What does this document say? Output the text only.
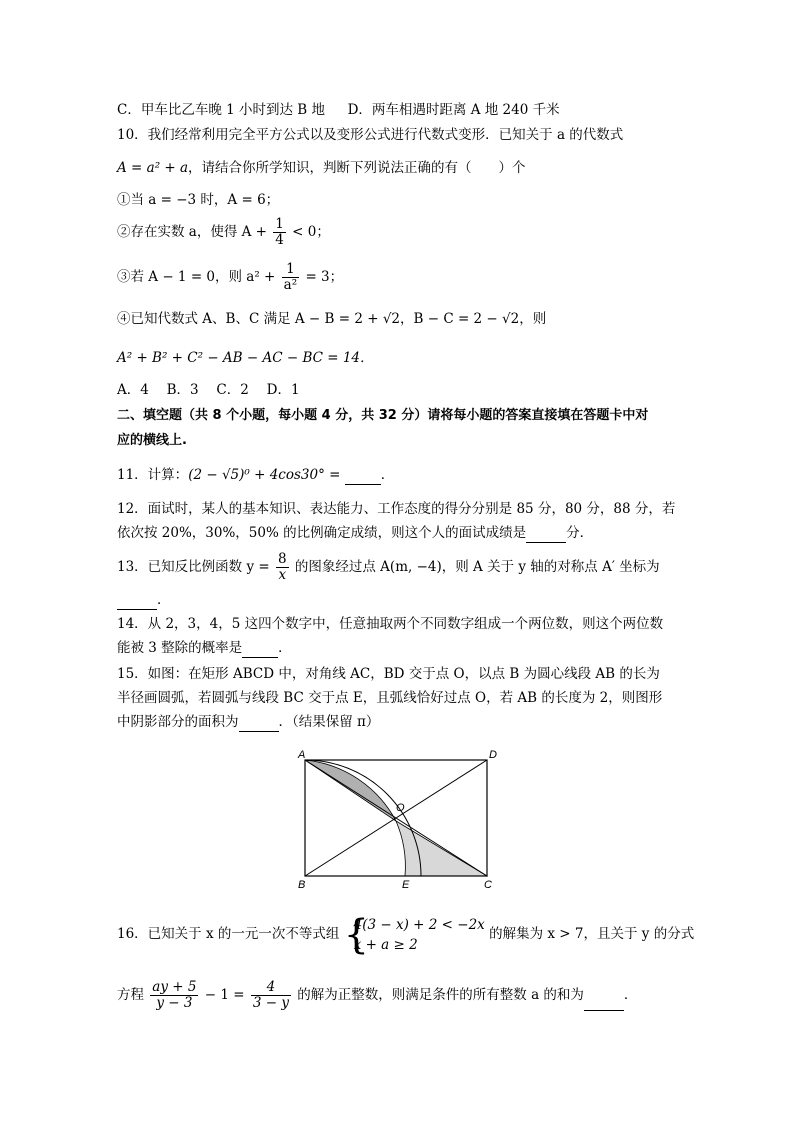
C．甲车比乙车晚 1 小时到达 B 地 D．两车相遇时距离 A 地 240 千米
10．我们经常利用完全平方公式以及变形公式进行代数式变形．已知关于 a 的代数式
A = a² + a，请结合你所学知识，判断下列说法正确的有（　　）个
①当 a = −3 时，A = 6；
②存在实数 a，使得 $A + \frac{1}{4} < 0$；
③若 A − 1 = 0，则 $a^2 + \frac{1}{\text{a²}} = 3$；
④已知代数式 A、B、C 满足 A − B = 2 + √2，B − C = 2 − √2，则
A² + B² + C² − AB − AC − BC = 14．
A．4　 B．3　 C．2　 D．1
二、填空题（共 8 个小题，每小题 4 分，共 32 分）请将每小题的答案直接填在答题卡中对
应的横线上.
11．计算：(2 − √5)⁰ + 4cos30° =	．
12．面试时，某人的基本知识、表达能力、工作态度的得分分别是 85 分，80 分，88 分，若
依次按 20%，30%，50% 的比例确定成绩，则这个人的面试成绩是	分．
13．已知反比例函数 $y = \frac{8}{x}$ 的图象经过点 A(m, −4)，则 A 关于 y 轴的对称点 A′ 坐标为
．
14．从 2，3，4，5 这四个数字中，任意抽取两个不同数字组成一个两位数，则这个两位数
能被 3 整除的概率是	．
15．如图：在矩形 ABCD 中，对角线 AC，BD 交于点 O，以点 B 为圆心线段 AB 的长为
半径画圆弧，若圆弧与线段 BC 交于点 E，且弧线恰好过点 O，若 AB 的长度为 2，则图形
中阴影部分的面积为	．（结果保留 π）
A	D
B	C
E
O
16．已知关于 x 的一元一次不等式组 {
4(3 − x) + 2 < −2x
x + a ≥ 2
的解集为 x > 7，且关于 y 的分式
方程 $\frac{ay + 5}{y - 3} - 1 = \frac{4}{3 - y}$ 的解为正整数，则满足条件的所有整数 a 的和为	．
